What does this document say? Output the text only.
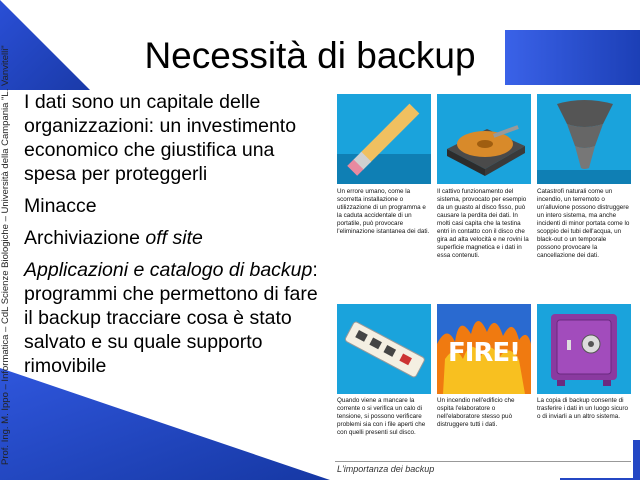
Prof. Ing. M. Ippo – Informatica – CdL Scienze Biologiche – Università della Campania "L. Vanvitelli"	Necessità di backup
I dati sono un capitale delle organizzazioni: un investimento economico che giustifica una spesa per proteggerli
Minacce
Archiviazione off site
Applicazioni e catalogo di backup: programmi che permettono di fare il backup tracciare cosa è stato salvato e su quale supporto rimovibile
Un errore umano, come la scorretta installazione o utilizzazione di un programma e la caduta accidentale di un portatile, può provocare l'eliminazione istantanea dei dati.
Il cattivo funzionamento del sistema, provocato per esempio da un guasto al disco fisso, può causare la perdita dei dati. In molti casi capita che la testina entri in contatto con il disco che gira ad alta velocità e ne rovini la superficie magnetica e i dati in essa contenuti.
Catastrofi naturali come un incendio, un terremoto o un'alluvione possono distruggere un intero sistema, ma anche incidenti di minor portata come lo scoppio dei tubi dell'acqua, un black-out o un temporale possono provocare la cancellazione dei dati.
FIRE!
Quando viene a mancare la corrente o si verifica un calo di tensione, si possono verificare problemi sia con i file aperti che con quelli presenti sul disco.
Un incendio nell'edificio che ospita l'elaboratore o nell'elaboratore stesso può distruggere tutti i dati.
La copia di backup consente di trasferire i dati in un luogo sicuro o di inviarli a un altro sistema.
L'importanza dei backup
